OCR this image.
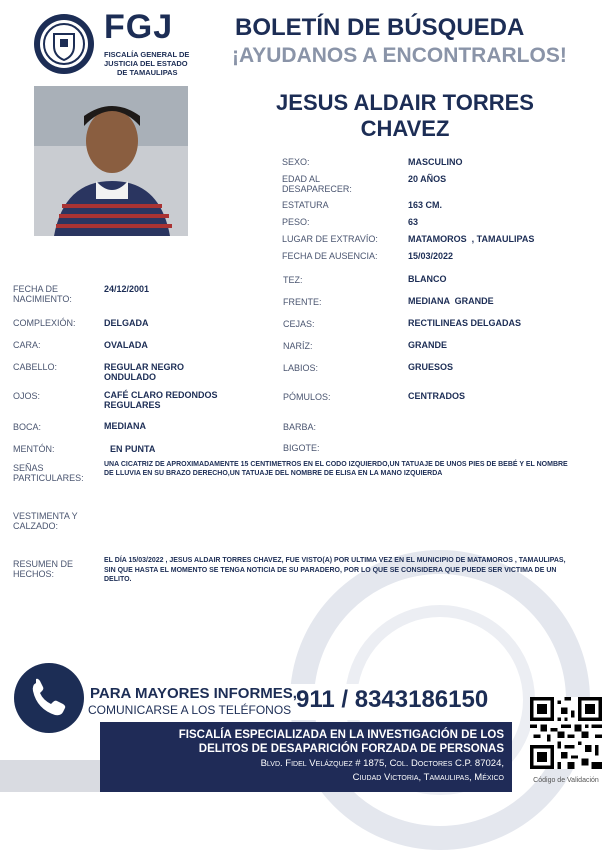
FGJ
FISCALÍA GENERAL DE
JUSTICIA DEL ESTADO
DE TAMAULIPAS
BOLETÍN DE BÚSQUEDA
¡AYUDANOS A ENCONTRARLOS!
JESUS ALDAIR TORRES
CHAVEZ
SEXO:	MASCULINO
EDAD AL DESAPARECER:
20 AÑOS
ESTATURA	163 CM.
PESO:	63
LUGAR DE EXTRAVÍO:	MATAMOROS  , TAMAULIPAS
FECHA DE AUSENCIA:	15/03/2022
FECHA DE NACIMIENTO:
24/12/2001
COMPLEXIÓN:	DELGADA
CARA:	OVALADA
CABELLO:	REGULAR NEGRO ONDULADO
OJOS:	CAFÉ CLARO REDONDOS REGULARES
BOCA:	MEDIANA
MENTÓN:	EN PUNTA
TEZ:	BLANCO
FRENTE:	MEDIANA  GRANDE
CEJAS:	RECTILINEAS DELGADAS
NARÍZ:	GRANDE
LABIOS:	GRUESOS
PÓMULOS:	CENTRADOS
BARBA:
BIGOTE:
SEÑAS PARTICULARES:
UNA CICATRIZ DE APROXIMADAMENTE 15 CENTIMETROS EN EL CODO IZQUIERDO,UN TATUAJE DE UNOS PIES DE BEBÉ Y EL NOMBRE DE LLUVIA EN SU BRAZO DERECHO,UN TATUAJE DEL NOMBRE DE ELISA EN LA MANO IZQUIERDA
VESTIMENTA Y CALZADO:
RESUMEN DE HECHOS:
EL DÍA 15/03/2022 , JESUS ALDAIR TORRES CHAVEZ, FUE VISTO(A) POR ULTIMA VEZ EN EL MUNICIPIO DE MATAMOROS , TAMAULIPAS, SIN QUE HASTA EL MOMENTO SE TENGA NOTICIA DE SU PARADERO, POR LO QUE SE CONSIDERA QUE PUEDE SER VICTIMA DE UN DELITO.
PARA MAYORES INFORMES,
COMUNICARSE A LOS TELÉFONOS 911 / 8343186150
FISCALÍA ESPECIALIZADA EN LA INVESTIGACIÓN DE LOS
DELITOS DE DESAPARICIÓN FORZADA DE PERSONAS
Blvd. Fidel Velázquez # 1875, Col. Doctores C.P. 87024,
Ciudad Victoria, Tamaulipas, México	Código de Validación
